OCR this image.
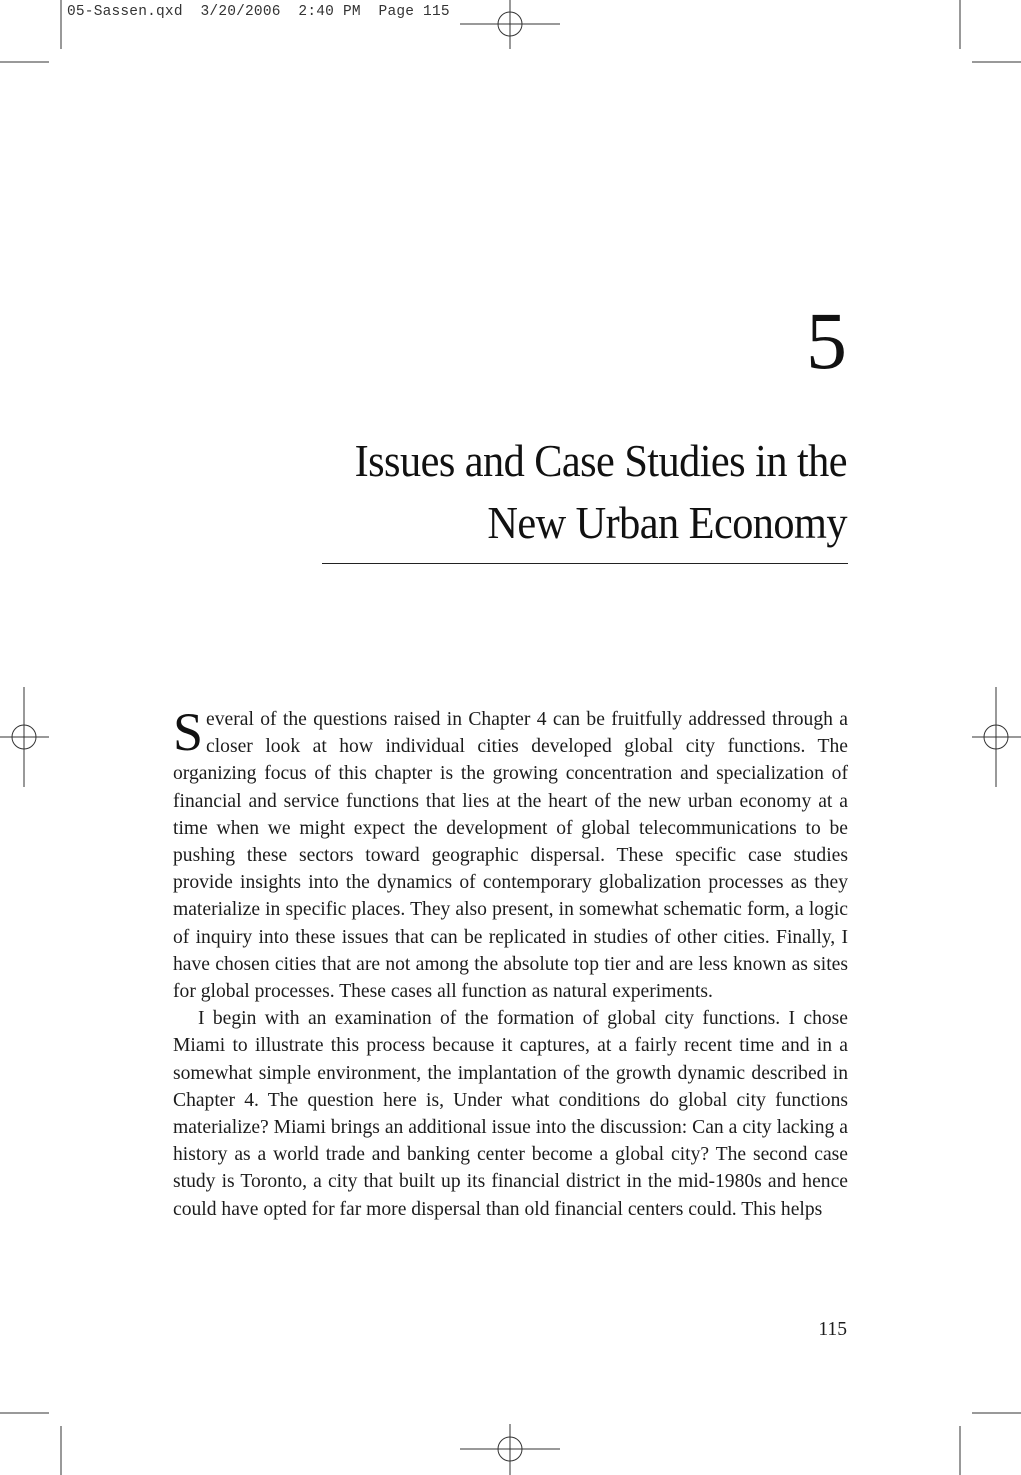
05-Sassen.qxd  3/20/2006  2:40 PM  Page 115
5
Issues and Case Studies in the
New Urban Economy

Several of the questions raised in Chapter 4 can be fruitfully addressed through a closer look at how individual cities developed global city functions. The organizing focus of this chapter is the growing concentration and specialization of financial and service functions that lies at the heart of the new urban economy at a time when we might expect the development of global telecommunications to be pushing these sectors toward geographic dispersal. These specific case studies provide insights into the dynamics of contemporary globalization processes as they materialize in specific places. They also present, in somewhat schematic form, a logic of inquiry into these issues that can be replicated in studies of other cities. Finally, I have chosen cities that are not among the absolute top tier and are less known as sites for global processes. These cases all function as natural experiments.

I begin with an examination of the formation of global city functions. I chose Miami to illustrate this process because it captures, at a fairly recent time and in a somewhat simple environment, the implantation of the growth dynamic described in Chapter 4. The question here is, Under what conditions do global city functions materialize? Miami brings an additional issue into the discussion: Can a city lacking a history as a world trade and banking center become a global city? The second case study is Toronto, a city that built up its financial district in the mid-1980s and hence could have opted for far more dispersal than old financial centers could. This helps

115
